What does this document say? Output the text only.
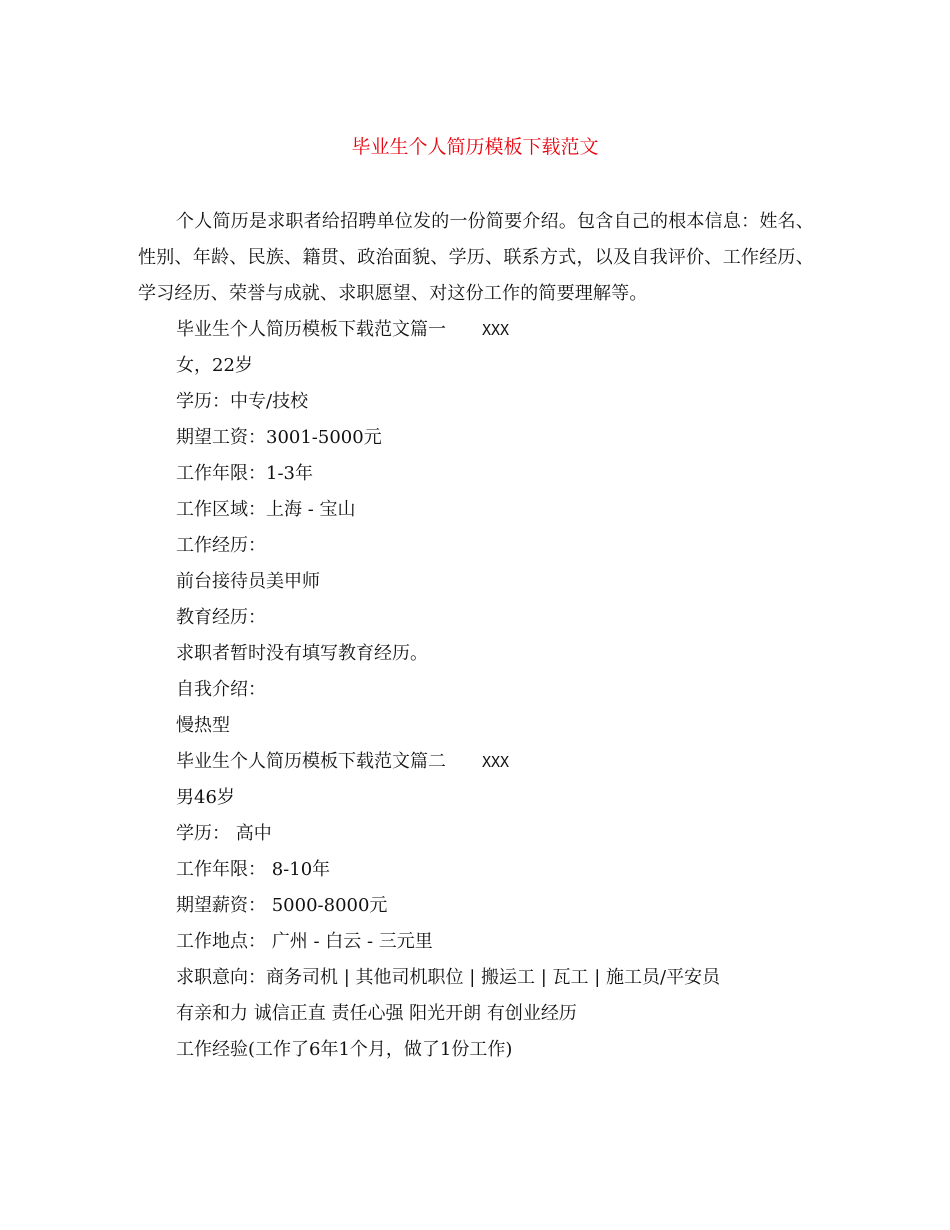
毕业生个人简历模板下载范文
个人简历是求职者给招聘单位发的一份简要介绍。包含自己的根本信息：姓名、性别、年龄、民族、籍贯、政治面貌、学历、联系方式，以及自我评价、工作经历、学习经历、荣誉与成就、求职愿望、对这份工作的简要理解等。
毕业生个人简历模板下载范文篇一 XXX
女，22岁
学历：中专/技校
期望工资：3001-5000元
工作年限：1-3年
工作区域：上海 - 宝山
工作经历：
前台接待员美甲师
教育经历：
求职者暂时没有填写教育经历。
自我介绍：
慢热型
毕业生个人简历模板下载范文篇二 XXX
男46岁
学历： 高中
工作年限： 8-10年
期望薪资： 5000-8000元
工作地点： 广州 - 白云 - 三元里
求职意向：商务司机 | 其他司机职位 | 搬运工 | 瓦工 | 施工员/平安员
有亲和力 诚信正直 责任心强 阳光开朗 有创业经历
工作经验(工作了6年1个月，做了1份工作)
